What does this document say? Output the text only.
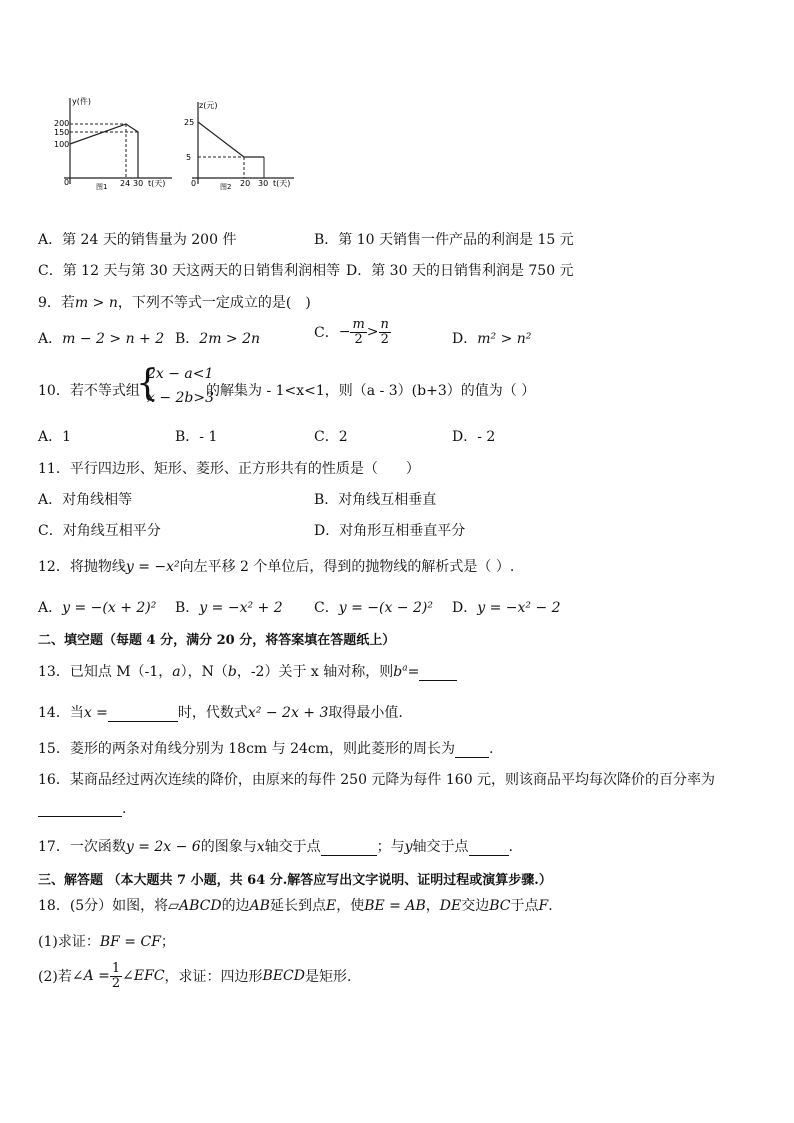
y(件)
200
150
100
0	24 30 t(天)
图1
z(元)
25
5
0	20 30 t(天)
图2
A．第 24 天的销售量为 200 件	B．第 10 天销售一件产品的利润是 15 元
C．第 12 天与第 30 天这两天的日销售利润相等 D．第 30 天的日销售利润是 750 元
9．若m > n，下列不等式一定成立的是(　)
A．m − 2 > n + 2 B．2m > 2n	C．− $\frac{m}{2} > \frac{n}{2}$	D．m² > n²
10．若不等式组
{
2x − a<1
x − 2b>3
的解集为 - 1<x<1，则（a - 3）(b+3）的值为（ ）
A．1	B．- 1	C．2	D．- 2
11．平行四边形、矩形、菱形、正方形共有的性质是（　　）
A．对角线相等	B．对角线互相垂直
C．对角线互相平分	D．对角形互相垂直平分
12．将抛物线y = −x²向左平移 2 个单位后，得到的抛物线的解析式是（ ）.
A．y = −(x + 2)² B．y = −x² + 2 C．y = −(x − 2)² D．y = −x² − 2
二、填空题（每题 4 分，满分 20 分，将答案填在答题纸上）
13．已知点 M（-1，a），N（b，-2）关于 x 轴对称，则$b^a=$
14．当x =	时，代数式x² − 2x + 3取得最小值.
15．菱形的两条对角线分别为 18cm 与 24cm，则此菱形的周长为 .
16．某商品经过两次连续的降价，由原来的每件 250 元降为每件 160 元，则该商品平均每次降价的百分率为
.
17．一次函数y = 2x − 6的图象与x轴交于点	；与y轴交于点	.
三、解答题 （本大题共 7 小题，共 64 分.解答应写出文字说明、证明过程或演算步骤.）
18．(5分）如图，将▱ABCD的边AB延长到点E，使BE = AB，DE交边BC于点F.
(1)求证：BF = CF；
(2)若∠A = $\frac{1}{2}$ ∠EFC，求证：四边形BECD是矩形.
